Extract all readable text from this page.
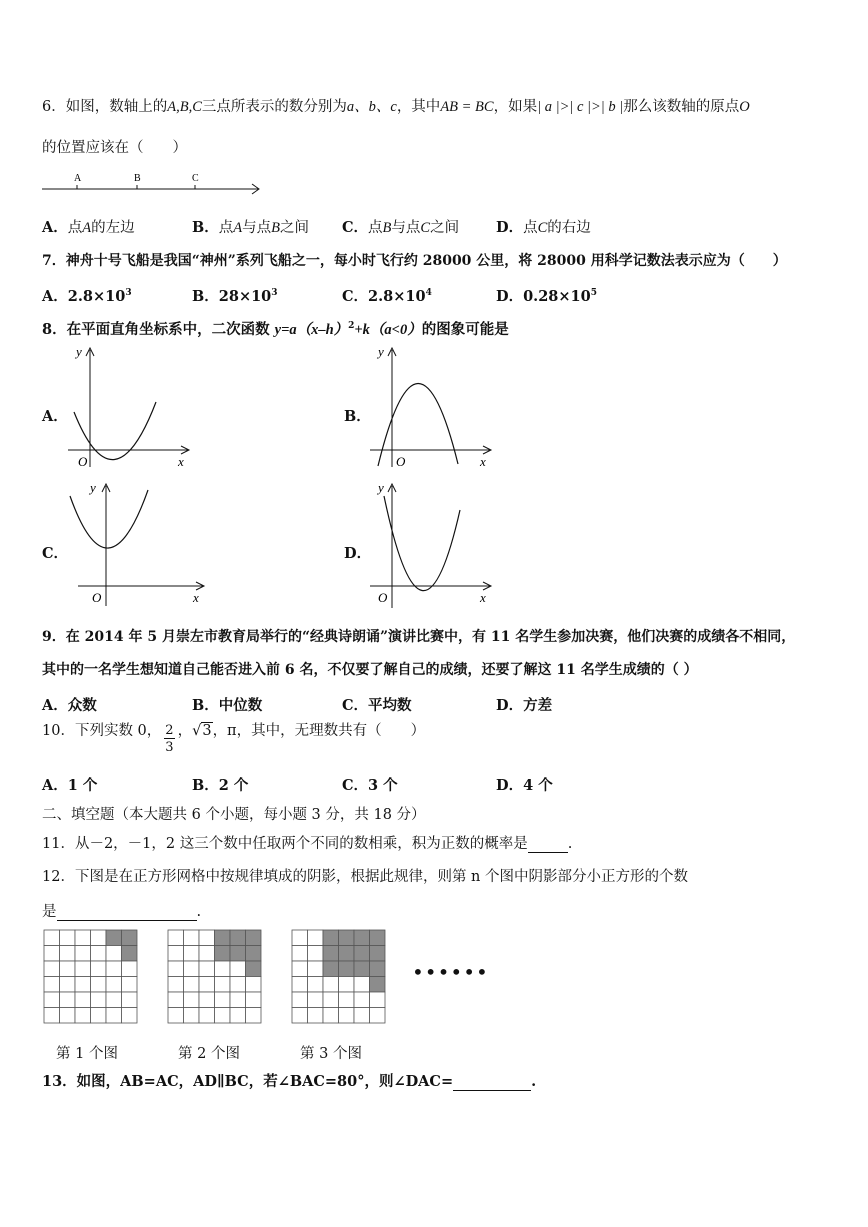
6．如图，数轴上的A,B,C三点所表示的数分别为a、b、c，其中AB = BC，如果| a |>| c |>| b |那么该数轴的原点O
的位置应该在（　　）
A	B	C
A．点A的左边	B．点A与点B之间 C．点B与点C之间	D．点C的右边
7．神舟十号飞船是我国“神州”系列飞船之一，每小时飞行约 28000 公里，将 28000 用科学记数法表示应为（　　）
A．$2.8\times 10^3$	B．$28\times 10^3$	C．$2.8\times 10^4$	D．$0.28\times 10^5$
8．在平面直角坐标系中，二次函数 $y=a(x-h)^2+k(a<0)$的图象可能是
A．	B．
C．	D．
y
x
O
y
x
O
y
x
O
y
x
O
9．在 2014 年 5 月崇左市教育局举行的“经典诗朗诵”演讲比赛中，有 11 名学生参加决赛，他们决赛的成绩各不相同，
其中的一名学生想知道自己能否进入前 6 名，不仅要了解自己的成绩，还要了解这 11 名学生成绩的（ ）
A．众数	B．中位数	C．平均数	D．方差
10．下列实数 0， $\frac{2}{3}$ ，√3，π，其中，无理数共有（　　）
A．1 个	B．2 个	C．3 个	D．4 个
二、填空题（本大题共 6 个小题，每小题 3 分，共 18 分）
11．从－2，－1，2 这三个数中任取两个不同的数相乘，积为正数的概率是	.
12．下图是在正方形网格中按规律填成的阴影，根据此规律，则第 n 个图中阴影部分小正方形的个数
是	.
••••••
第 1 个图	第 2 个图	第 3 个图
13．如图，AB=AC，AD∥BC，若∠BAC=80°，则∠DAC=	.
